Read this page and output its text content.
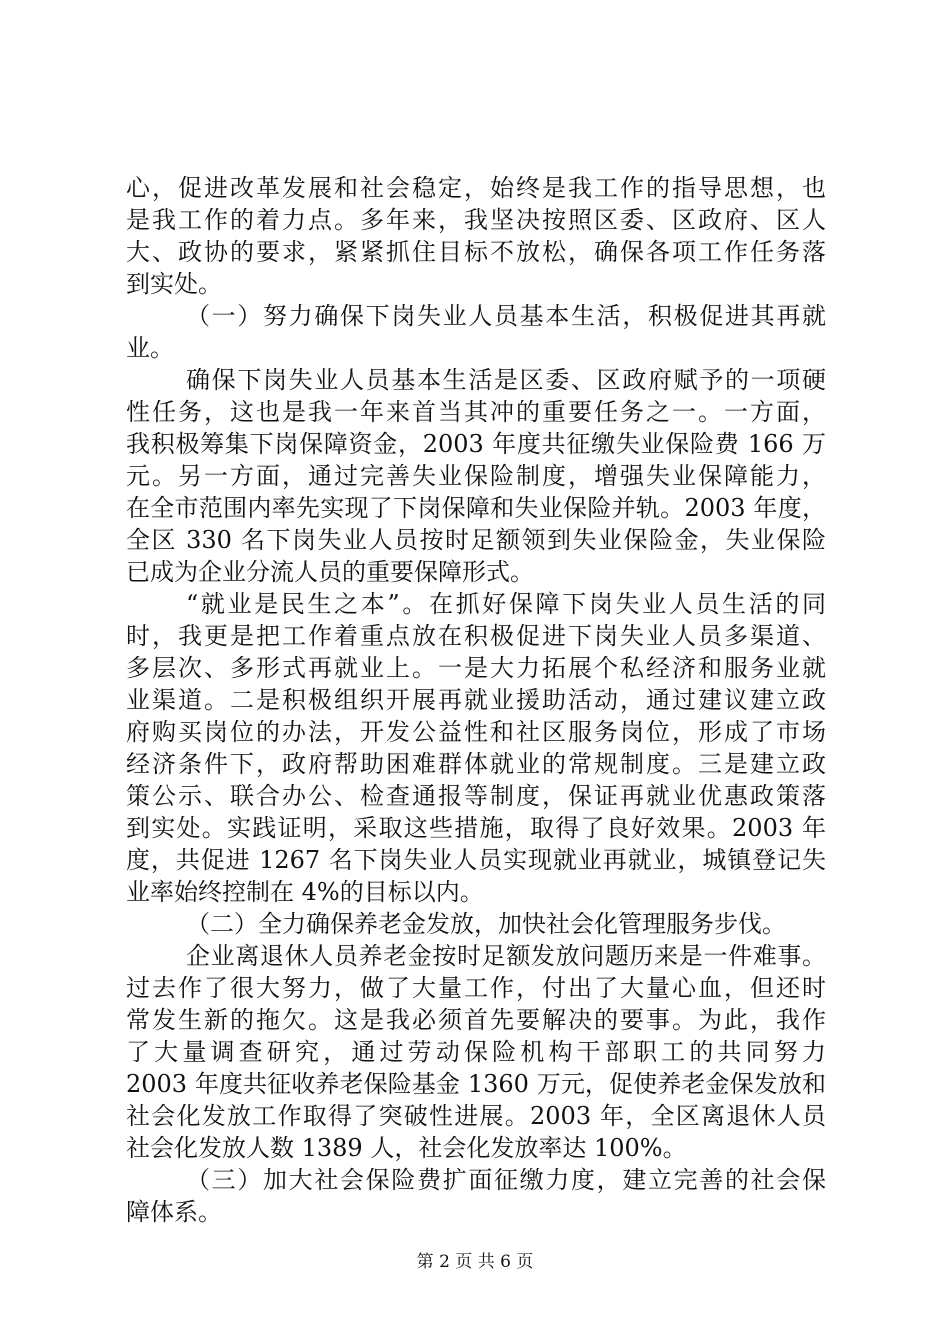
心，促进改革发展和社会稳定，始终是我工作的指导思想，也
是我工作的着力点。多年来，我坚决按照区委、区政府、区人
大、政协的要求，紧紧抓住目标不放松，确保各项工作任务落
到实处。
（一）努力确保下岗失业人员基本生活，积极促进其再就
业。
确保下岗失业人员基本生活是区委、区政府赋予的一项硬
性任务，这也是我一年来首当其冲的重要任务之一。一方面，
我积极筹集下岗保障资金，2003 年度共征缴失业保险费 166 万
元。另一方面，通过完善失业保险制度，增强失业保障能力，
在全市范围内率先实现了下岗保障和失业保险并轨。2003 年度，
全区 330 名下岗失业人员按时足额领到失业保险金，失业保险
已成为企业分流人员的重要保障形式。
“就业是民生之本”。在抓好保障下岗失业人员生活的同
时，我更是把工作着重点放在积极促进下岗失业人员多渠道、
多层次、多形式再就业上。一是大力拓展个私经济和服务业就
业渠道。二是积极组织开展再就业援助活动，通过建议建立政
府购买岗位的办法，开发公益性和社区服务岗位，形成了市场
经济条件下，政府帮助困难群体就业的常规制度。三是建立政
策公示、联合办公、检查通报等制度，保证再就业优惠政策落
到实处。实践证明，采取这些措施，取得了良好效果。2003 年
度，共促进 1267 名下岗失业人员实现就业再就业，城镇登记失
业率始终控制在 4%的目标以内。
（二）全力确保养老金发放，加快社会化管理服务步伐。
企业离退休人员养老金按时足额发放问题历来是一件难事。
过去作了很大努力，做了大量工作，付出了大量心血，但还时
常发生新的拖欠。这是我必须首先要解决的要事。为此，我作
了大量调查研究，通过劳动保险机构干部职工的共同努力
2003 年度共征收养老保险基金 1360 万元，促使养老金保发放和
社会化发放工作取得了突破性进展。2003 年，全区离退休人员
社会化发放人数 1389 人，社会化发放率达 100%。
（三）加大社会保险费扩面征缴力度，建立完善的社会保
障体系。
第 2 页 共 6 页
